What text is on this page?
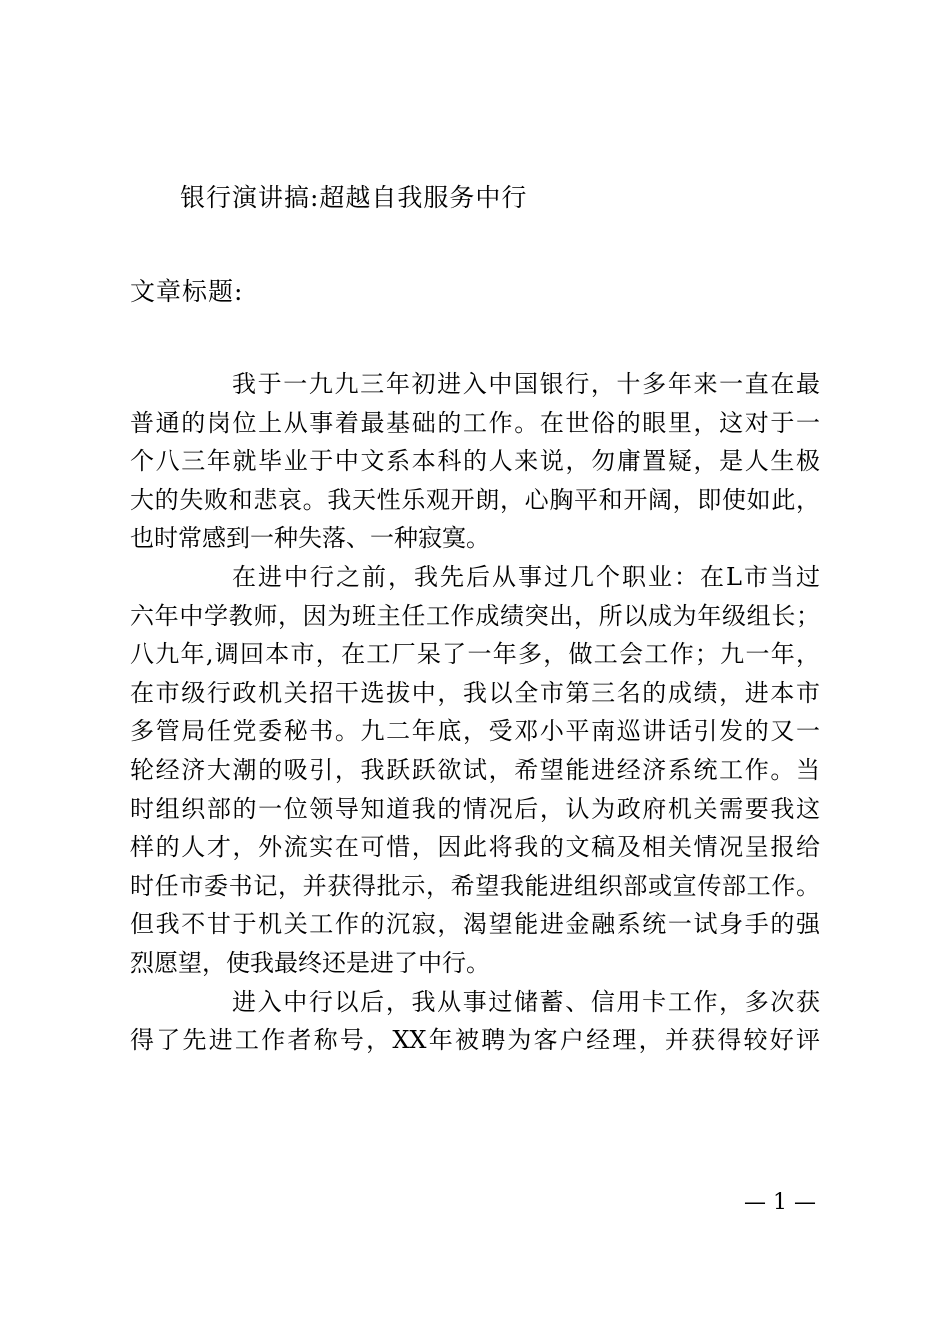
银行演讲搞:超越自我服务中行
文章标题:
我于一九九三年初进入中国银行，十多年来一直在最
普通的岗位上从事着最基础的工作。在世俗的眼里，这对于一
个八三年就毕业于中文系本科的人来说，勿庸置疑，是人生极
大的失败和悲哀。我天性乐观开朗，心胸平和开阔，即使如此，
也时常感到一种失落、一种寂寞。
在进中行之前，我先后从事过几个职业：在L市当过
六年中学教师，因为班主任工作成绩突出，所以成为年级组长；
八九年,调回本市，在工厂呆了一年多，做工会工作；九一年，
在市级行政机关招干选拔中，我以全市第三名的成绩，进本市
多管局任党委秘书。九二年底，受邓小平南巡讲话引发的又一
轮经济大潮的吸引，我跃跃欲试，希望能进经济系统工作。当
时组织部的一位领导知道我的情况后，认为政府机关需要我这
样的人才，外流实在可惜，因此将我的文稿及相关情况呈报给
时任市委书记，并获得批示，希望我能进组织部或宣传部工作。
但我不甘于机关工作的沉寂，渴望能进金融系统一试身手的强
烈愿望，使我最终还是进了中行。
进入中行以后，我从事过储蓄、信用卡工作，多次获
得了先进工作者称号，XX年被聘为客户经理，并获得较好评
— 1 —
